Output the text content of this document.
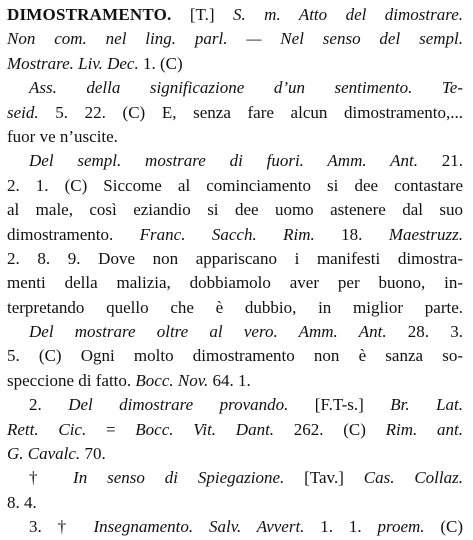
DIMOSTRAMENTO. [T.] S. m. Atto del dimostrare.
Non com. nel ling. parl. — Nel senso del sempl.
Mostrare. Liv. Dec. 1. (C)
Ass. della significazione d’un sentimento. Te-
seid. 5. 22. (C) E, senza fare alcun dimostramento,...
fuor ve n’uscite.
Del sempl. mostrare di fuori. Amm. Ant. 21.
2. 1. (C) Siccome al cominciamento si dee contastare
al male, così eziandio si dee uomo astenere dal suo
dimostramento. Franc. Sacch. Rim. 18. Maestruzz.
2. 8. 9. Dove non appariscano i manifesti dimostra-
menti della malizia, dobbiamolo aver per buono, in-
terpretando quello che è dubbio, in miglior parte.
Del mostrare oltre al vero. Amm. Ant. 28. 3.
5. (C) Ogni molto dimostramento non è sanza so-
speccione di fatto. Bocc. Nov. 64. 1.
2. Del dimostrare provando. [F.T-s.] Br. Lat.
Rett. Cic. = Bocc. Vit. Dant. 262. (C) Rim. ant.
G. Cavalc. 70.
† In senso di Spiegazione. [Tav.] Cas. Collaz.
8. 4.
3. † Insegnamento. Salv. Avvert. 1. 1. proem. (C)
